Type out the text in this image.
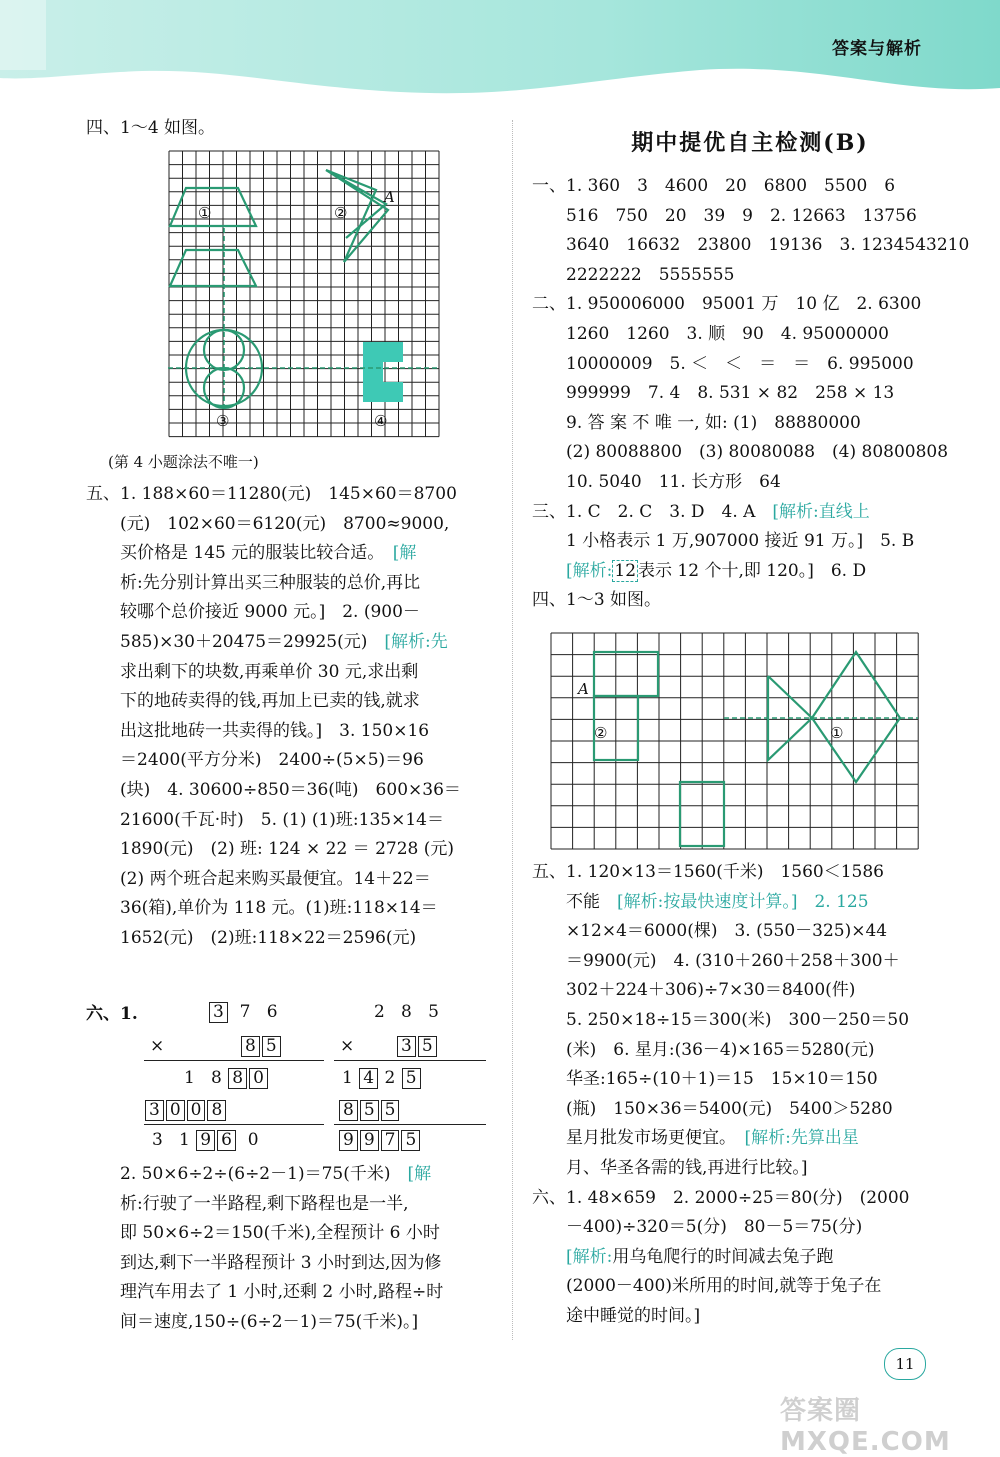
答案与解析

四、1～4 如图。

①	②
③	④
A

(第 4 小题涂法不唯一)

五、1. 188×60＝11280(元)　145×60＝8700

(元)　102×60＝6120(元)　8700≈9000,

买价格是 145 元的服装比较合适。　 [解

析:先分别计算出买三种服装的总价,再比

较哪个总价接近 9000 元。]　2. (900－

585)×30＋20475＝29925(元)　 [解析:先

求出剩下的块数,再乘单价 30 元,求出剩

下的地砖卖得的钱,再加上已卖的钱,就求

出这批地砖一共卖得的钱。]　3. 150×16

＝2400(平方分米)　2400÷(5×5)＝96

(块)　4. 30600÷850＝36(吨)　600×36＝

21600(千瓦·时)　5. (1) (1)班:135×14＝

1890(元)　(2) 班: 124 × 22 ＝ 2728 (元)

(2) 两个班合起来购买最便宜。14＋22＝

36(箱),单价为 118 元。(1)班:118×14＝

1652(元)　(2)班:118×22＝2596(元)

六、1.	3 7 6
×	8 5
1 8 8 0
3 0 0 8
3 1 9 6 0
2 8 5
×	3 5
1 4 2 5
8 5 5
9 9 7 5

2. 50×6÷2÷(6÷2－1)＝75(千米)　 [解

析:行驶了一半路程,剩下路程也是一半,

即 50×6÷2＝150(千米),全程预计 6 小时

到达,剩下一半路程预计 3 小时到达,因为修

理汽车用去了 1 小时,还剩 2 小时,路程÷时

间＝速度,150÷(6÷2－1)＝75(千米)。]

期中提优自主检测(B)

一、1. 360　3　4600　20　6800　5500　6

516　750　20　39　9　2. 12663　13756

3640　16632　23800　19136　3. 1234543210

2222222　5555555

二、1. 950006000　95001 万　10 亿　2. 6300

1260　1260　3. 顺　90　4. 95000000

10000009　5. ＜　＜　＝　＝　6. 995000

999999　7. 4　8. 531 × 82　258 × 13

9. 答 案 不 唯 一, 如: (1)　88880000

(2) 80088800　(3) 80080088　(4) 80800808

10. 5040　11. 长方形　64

三、1. C　2. C　3. D　4. A　 [解析:直线上

1 小格表示 1 万,907000 接近 91 万。]　5. B

[解析: 12 表示 12 个十,即 120。]　6. D

四、1～3 如图。

A
②	①

五、1. 120×13＝1560(千米)　1560＜1586

不能　 [解析:按最快速度计算。]　2. 125

×12×4＝6000(棵)　3. (550－325)×44

＝9900(元)　4. (310＋260＋258＋300＋

302＋224＋306)÷7×30＝8400(件)

5. 250×18÷15＝300(米)　300－250＝50

(米)　6. 星月:(36－4)×165＝5280(元)

华圣:165÷(10＋1)＝15　15×10＝150

(瓶)　150×36＝5400(元)　5400＞5280

星月批发市场更便宜。　 [解析:先算出星

月、华圣各需的钱,再进行比较。]

六、1. 48×659　2. 2000÷25＝80(分)　(2000

－400)÷320＝5(分)　80－5＝75(分)

[解析:用乌龟爬行的时间减去兔子跑

(2000－400)米所用的时间,就等于兔子在

途中睡觉的时间。]

11
答案圈 MXQE.COM
